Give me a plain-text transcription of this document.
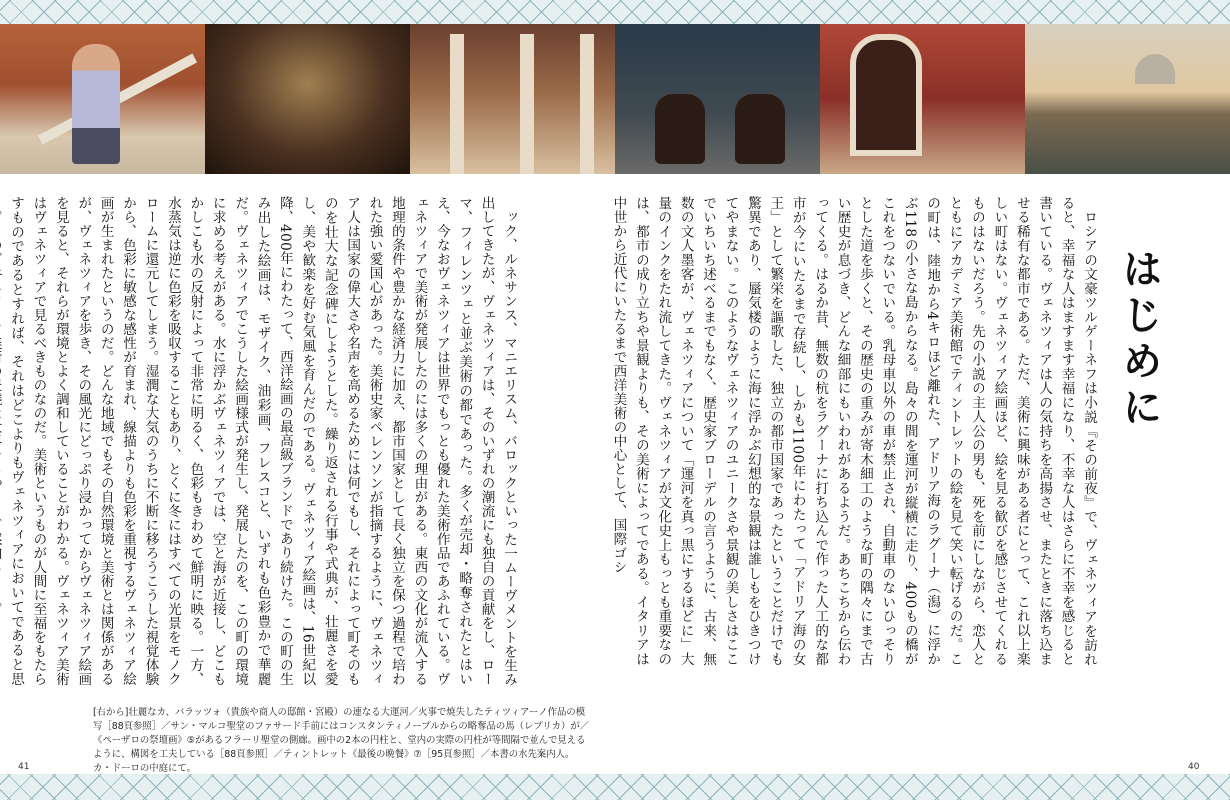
はじめに

ロシアの文豪ツルゲーネフは小説『その前夜』で、ヴェネツィアを訪れると、幸福な人はますます幸福になり、不幸な人はさらに不幸を感じると書いている。ヴェネツィアは人の気持ちを高揚させ、またときに落ち込ませる稀有な都市である。ただ、美術に興味がある者にとって、これ以上楽しい町はない。ヴェネツィア絵画ほど、絵を見る歓びを感じさせてくれるものはないだろう。先の小説の主人公の男も、死を前にしながら、恋人とともにアカデミア美術館でティントレットの絵を見て笑い転げるのだ。この町は、陸地から4キロほど離れた、アドリア海のラグーナ（潟）に浮かぶ118の小さな島からなる。島々の間を運河が縦横に走り、400もの橋がこれをつないでいる。乳母車以外の車が禁止され、自動車のないひっそりとした道を歩くと、その歴史の重みが寄木細工のような町の隅々にまで古い歴史が息づき、どんな細部にもいわれがあるようだ。あちこちから伝わってくる。はるか昔、無数の杭をラグーナに打ち込んで作った人工的な都市が今にいたるまで存続し、しかも1100年にわたって「アドリア海の女王」として繁栄を謳歌した、独立の都市国家であったということだけでも驚異であり、蜃気楼のように海に浮かぶ幻想的な景観は誰しもをひきつけてやまない。このようなヴェネツィアのユニークさや景観の美しさはここでいちいち述べるまでもなく、歴史家ブローデルの言うように、古来、無数の文人墨客が、ヴェネツィアについて「運河を真っ黒にするほどに」大量のインクをたれ流してきた。ヴェネツィアが文化史上もっとも重要なのは、都市の成り立ちや景観よりも、その美術によってである。イタリアは中世から近代にいたるまで西洋美術の中心として、国際ゴシ

ック、ルネサンス、マニエリスム、バロックといった一ムーヴメントを生み出してきたが、ヴェネツィアは、そのいずれの潮流にも独自の貢献をし、ローマ、フィレンツェと並ぶ美術の都であった。多くが売却・略奪されたとはいえ、今なおヴェネツィアは世界でもっとも優れた美術作品であふれている。ヴェネツィアで美術が発展したのには多くの理由がある。東西の文化が流入する地理的条件や豊かな経済力に加え、都市国家として長く独立を保つ過程で培われた強い愛国心があった。美術史家ペレンソンが指摘するように、ヴェネツィア人は国家の偉大さや名声を高めるためには何でもし、それによって町そのものを壮大な記念碑にしようとした。繰り返される行事や式典が、壮麗さを愛し、美や歓楽を好む気風を育んだのである。ヴェネツィア絵画は、16世紀以降、400年にわたって、西洋絵画の最高級ブランドであり続けた。この町の生み出した絵画は、モザイク、油彩画、フレスコと、いずれも色彩豊かで華麗だ。ヴェネツィアでこうした絵画様式が発生し、発展したのを、この町の環境に求める考えがある。水に浮かぶヴェネツィアでは、空と海が近接し、どこもかしこも水の反射によって非常に明るく、色彩もきわめて鮮明に映る。一方、水蒸気は逆に色彩を吸収することもあり、とくに冬にはすべての光景をモノクロームに還元してしまう。湿潤な大気のうちに不断に移ろうこうした視覚体験から、色彩に敏感な感性が育まれ、線描よりも色彩を重視するヴェネツィア絵画が生まれたというのだ。どんな地域でもその自然環境と美術とは関係があるが、ヴェネツィアを歩き、その風光にどっぷり浸かってからヴェネツィア絵画を見ると、それらが環境とよく調和していることがわかる。ヴェネツィア美術はヴェネツィアで見るべきものなのだ。美術というものが人間に至福をもたらすものであるとすれば、それはどこよりもヴェネツィアにおいてであると思

[右から]壮麗なカ、バラッツォ（貴族や商人の邸館・宮殿）の連なる大運河／火事で焼失したティツィアーノ作品の模写［88頁参照］／サン・マルコ聖堂のファサード手前にはコンスタンティノープルからの略奪品の馬（レプリカ）が／《ペーザロの祭壇画》⑤があるフラーリ聖堂の側廊。画中の2本の円柱と、堂内の実際の円柱が等間隔で並んで見えるように、構図を工夫している［88頁参照］／ティントレット《最後の晩餐》⑦［95頁参照］／本書の水先案内人。カ・ドーロの中庭にて。
41	40
